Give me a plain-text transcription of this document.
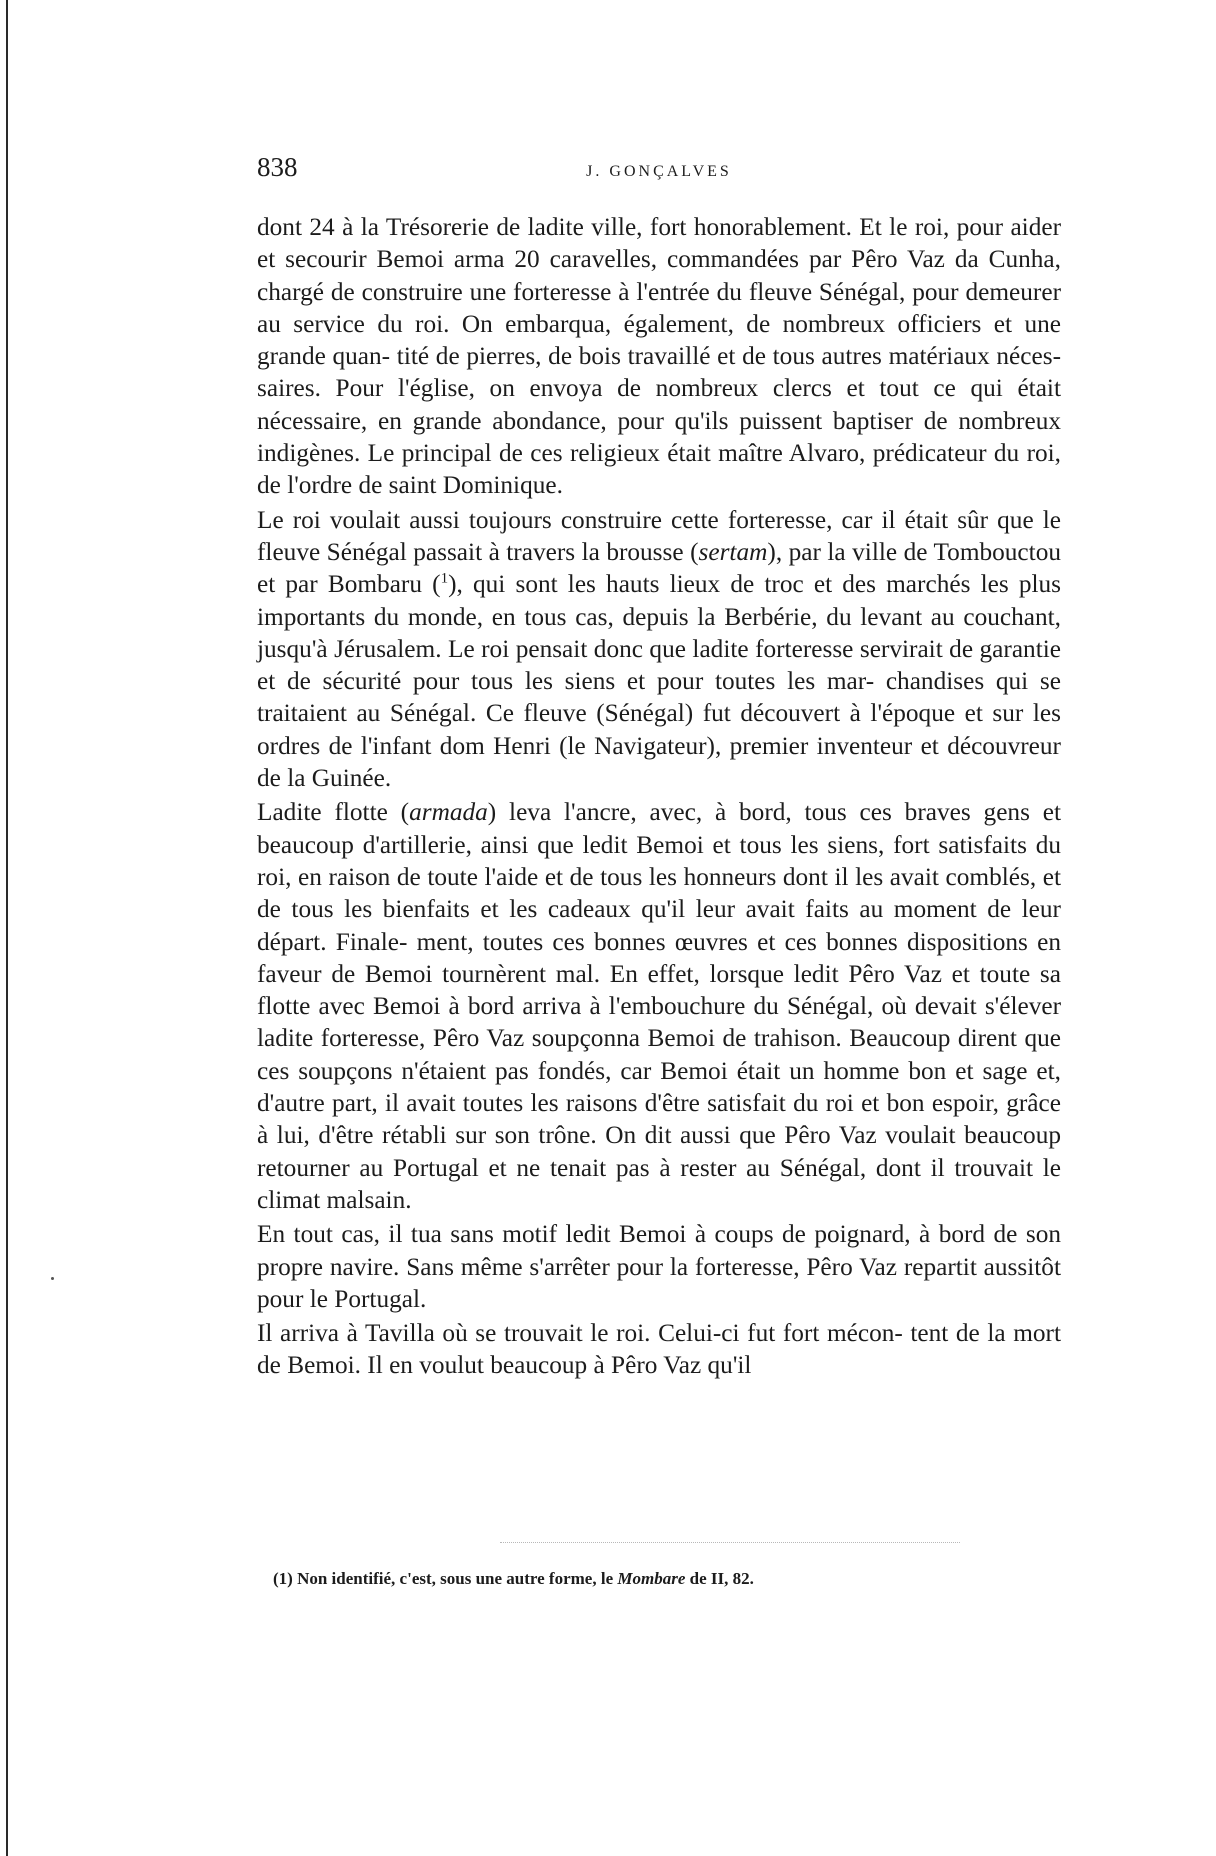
838	J. GONÇALVES

dont 24 à la Trésorerie de ladite ville, fort honorablement. Et le roi, pour aider et secourir Bemoi arma 20 caravelles, commandées par Pêro Vaz da Cunha, chargé de construire une forteresse à l'entrée du fleuve Sénégal, pour demeurer au service du roi. On embarqua, également, de nombreux officiers et une grande quan- tité de pierres, de bois travaillé et de tous autres matériaux néces- saires. Pour l'église, on envoya de nombreux clercs et tout ce qui était nécessaire, en grande abondance, pour qu'ils puissent baptiser de nombreux indigènes. Le principal de ces religieux était maître Alvaro, prédicateur du roi, de l'ordre de saint Dominique.

Le roi voulait aussi toujours construire cette forteresse, car il était sûr que le fleuve Sénégal passait à travers la brousse (sertam), par la ville de Tombouctou et par Bombaru ($^1$), qui sont les hauts lieux de troc et des marchés les plus importants du monde, en tous cas, depuis la Berbérie, du levant au couchant, jusqu'à Jérusalem. Le roi pensait donc que ladite forteresse servirait de garantie et de sécurité pour tous les siens et pour toutes les mar- chandises qui se traitaient au Sénégal. Ce fleuve (Sénégal) fut découvert à l'époque et sur les ordres de l'infant dom Henri (le Navigateur), premier inventeur et découvreur de la Guinée.

Ladite flotte (armada) leva l'ancre, avec, à bord, tous ces braves gens et beaucoup d'artillerie, ainsi que ledit Bemoi et tous les siens, fort satisfaits du roi, en raison de toute l'aide et de tous les honneurs dont il les avait comblés, et de tous les bienfaits et les cadeaux qu'il leur avait faits au moment de leur départ. Finale- ment, toutes ces bonnes œuvres et ces bonnes dispositions en faveur de Bemoi tournèrent mal. En effet, lorsque ledit Pêro Vaz et toute sa flotte avec Bemoi à bord arriva à l'embouchure du Sénégal, où devait s'élever ladite forteresse, Pêro Vaz soupçonna Bemoi de trahison. Beaucoup dirent que ces soupçons n'étaient pas fondés, car Bemoi était un homme bon et sage et, d'autre part, il avait toutes les raisons d'être satisfait du roi et bon espoir, grâce à lui, d'être rétabli sur son trône. On dit aussi que Pêro Vaz voulait beaucoup retourner au Portugal et ne tenait pas à rester au Sénégal, dont il trouvait le climat malsain.

En tout cas, il tua sans motif ledit Bemoi à coups de poignard, à bord de son propre navire. Sans même s'arrêter pour la forteresse, Pêro Vaz repartit aussitôt pour le Portugal.

Il arriva à Tavilla où se trouvait le roi. Celui-ci fut fort mécon- tent de la mort de Bemoi. Il en voulut beaucoup à Pêro Vaz qu'il

(1) Non identifié, c'est, sous une autre forme, le Mombare de II, 82.
